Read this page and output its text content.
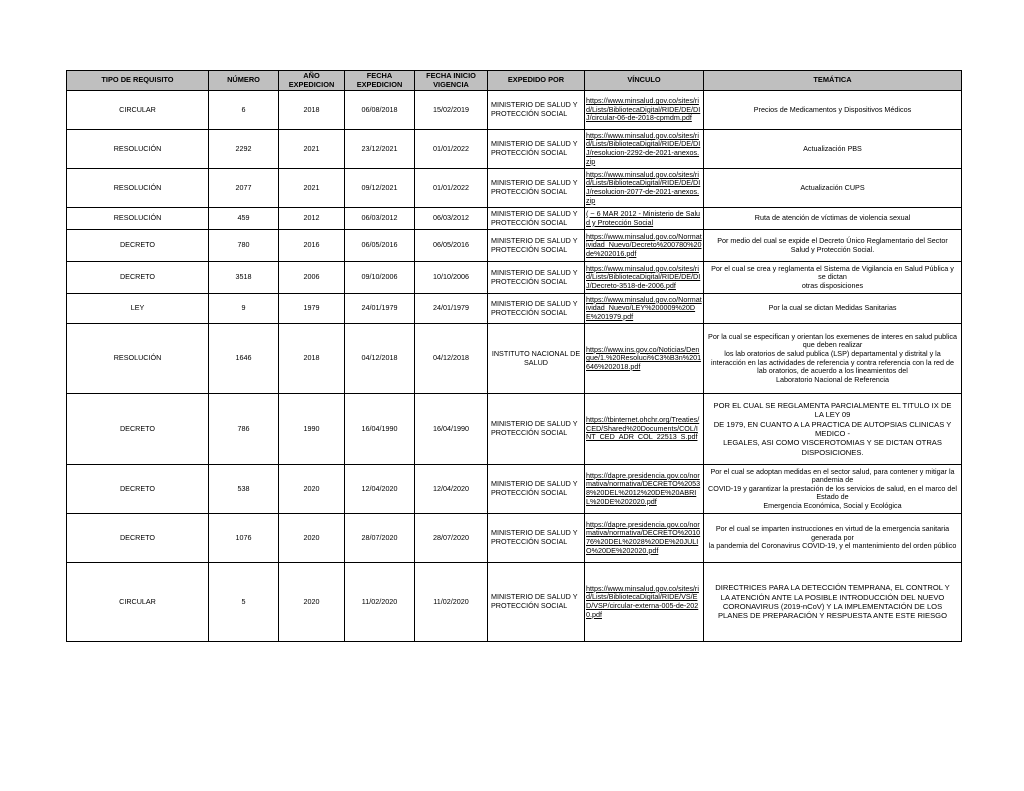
TIPO DE REQUISITO	NÚMERO	AÑO EXPEDICION	FECHA EXPEDICION	FECHA INICIO VIGENCIA	EXPEDIDO POR	VÍNCULO	TEMÁTICA
CIRCULAR	6	2018	06/08/2018	15/02/2019	MINISTERIO DE SALUD Y PROTECCIÓN SOCIAL	https://www.minsalud.gov.co/sites/rid/Lists/BibliotecaDigital/RIDE/DE/DIJ/circular-06-de-2018-cpmdm.pdf	Precios de Medicamentos y Dispositivos Médicos
RESOLUCIÓN	2292	2021	23/12/2021	01/01/2022	MINISTERIO DE SALUD Y PROTECCIÓN SOCIAL	https://www.minsalud.gov.co/sites/rid/Lists/BibliotecaDigital/RIDE/DE/DIJ/resolucion-2292-de-2021-anexos.zip	Actualización PBS
RESOLUCIÓN	2077	2021	09/12/2021	01/01/2022	MINISTERIO DE SALUD Y PROTECCIÓN SOCIAL	https://www.minsalud.gov.co/sites/rid/Lists/BibliotecaDigital/RIDE/DE/DIJ/resolucion-2077-de-2021-anexos.zip	Actualización CUPS
RESOLUCIÓN	459	2012	06/03/2012	06/03/2012	MINISTERIO DE SALUD Y PROTECCIÓN SOCIAL	( ~ 6 MAR 2012 - Ministerio de Salud y Protección Social	Ruta de atención de víctimas de violencia sexual
DECRETO	780	2016	06/05/2016	06/05/2016	MINISTERIO DE SALUD Y PROTECCIÓN SOCIAL	https://www.minsalud.gov.co/Normatividad_Nuevo/Decreto%200780%20de%202016.pdf	Por medio del cual se expide el Decreto Único Reglamentario del Sector Salud y Protección Social.
DECRETO	3518	2006	09/10/2006	10/10/2006	MINISTERIO DE SALUD Y PROTECCIÓN SOCIAL	https://www.minsalud.gov.co/sites/rid/Lists/BibliotecaDigital/RIDE/DE/DIJ/Decreto-3518-de-2006.pdf	Por el cual se crea y reglamenta el Sistema de Vigilancia en Salud Pública y se dictan
otras disposiciones
LEY	9	1979	24/01/1979	24/01/1979	MINISTERIO DE SALUD Y PROTECCIÓN SOCIAL	https://www.minsalud.gov.co/Normatividad_Nuevo/LEY%200009%20DE%201979.pdf	Por la cual se dictan Medidas Sanitarias
RESOLUCIÓN	1646	2018	04/12/2018	04/12/2018	INSTITUTO NACIONAL DE SALUD	https://www.ins.gov.co/Noticias/Dengue/1.%20Resoluci%C3%B3n%201646%202018.pdf	Por la cual se especifican y orientan los exemenes de interes en salud publica que deben realizar
los lab oratorios de salud publica (LSP) departamental y distrital y la interacción en las actividades de referencia y contra referencia con la red de lab oratorios, de acuerdo a los lineamientos del
Laboratorio Nacional de Referencia
DECRETO	786	1990	16/04/1990	16/04/1990	MINISTERIO DE SALUD Y PROTECCIÓN SOCIAL	https://tbinternet.ohchr.org/Treaties/CED/Shared%20Documents/COL/INT_CED_ADR_COL_22513_S.pdf	POR EL CUAL SE REGLAMENTA PARCIALMENTE EL TITULO IX DE LA LEY 09
DE 1979, EN CUANTO A LA PRACTICA DE AUTOPSIAS CLINICAS Y MEDICO -
LEGALES, ASI COMO VISCEROTOMIAS Y SE DICTAN OTRAS
DISPOSICIONES.
DECRETO	538	2020	12/04/2020	12/04/2020	MINISTERIO DE SALUD Y PROTECCIÓN SOCIAL	https://dapre.presidencia.gov.co/normativa/normativa/DECRETO%20538%20DEL%2012%20DE%20ABRIL%20DE%202020.pdf	Por el cual se adoptan medidas en el sector salud, para contener y mitigar la pandemia de
COVID-19 y garantizar la prestación de los servicios de salud, en el marco del Estado de
Emergencia Económica, Social y Ecológica
DECRETO	1076	2020	28/07/2020	28/07/2020	MINISTERIO DE SALUD Y PROTECCIÓN SOCIAL	https://dapre.presidencia.gov.co/normativa/normativa/DECRETO%201076%20DEL%2028%20DE%20JULIO%20DE%202020.pdf	Por el cual se imparten instrucciones en virtud de la emergencia sanitaria generada por
la pandemia del Coronavirus COVID-19, y el mantenimiento del orden público
CIRCULAR	5	2020	11/02/2020	11/02/2020	MINISTERIO DE SALUD Y PROTECCIÓN SOCIAL	https://www.minsalud.gov.co/sites/rid/Lists/BibliotecaDigital/RIDE/VS/ED/VSP/circular-externa-005-de-2020.pdf	DIRECTRICES PARA LA DETECCIÓN TEMPRANA, EL CONTROL Y
LA ATENCIÓN ANTE LA POSIBLE INTRODUCCIÓN DEL NUEVO
CORONAVIRUS (2019-nCoV) Y LA IMPLEMENTACIÓN DE LOS
PLANES DE PREPARACIÓN Y RESPUESTA ANTE ESTE RIESGO
